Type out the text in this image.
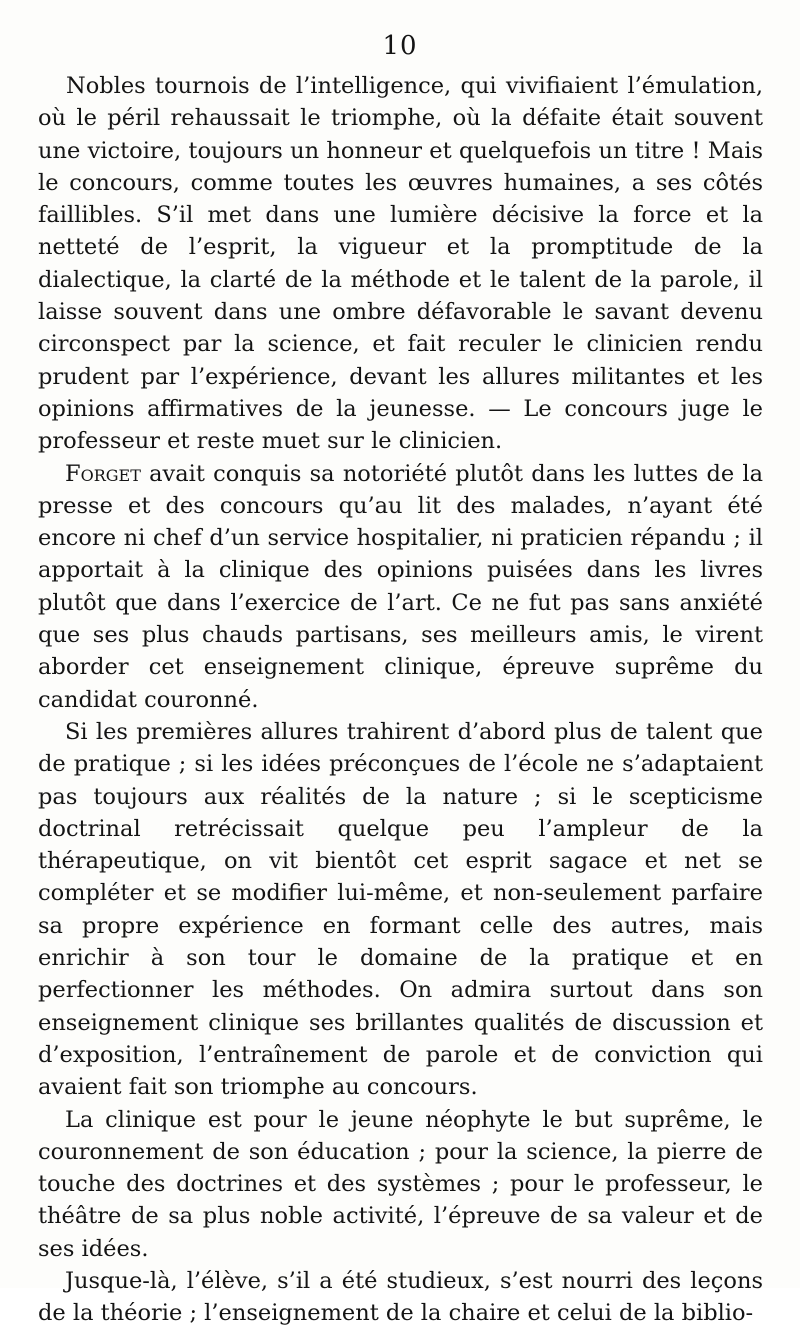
10

Nobles tournois de l’intelligence, qui vivifiaient l’émulation, où le péril rehaussait le triomphe, où la défaite était souvent une victoire, toujours un honneur et quelquefois un titre ! Mais le concours, comme toutes les œuvres humaines, a ses côtés faillibles. S’il met dans une lumière décisive la force et la netteté de l’esprit, la vigueur et la promptitude de la dialectique, la clarté de la méthode et le talent de la parole, il laisse souvent dans une ombre défavorable le savant devenu circonspect par la science, et fait reculer le clinicien rendu prudent par l’expérience, devant les allures militantes et les opinions affirmatives de la jeunesse. — Le concours juge le professeur et reste muet sur le clinicien.

Forget avait conquis sa notoriété plutôt dans les luttes de la presse et des concours qu’au lit des malades, n’ayant été encore ni chef d’un service hospitalier, ni praticien répandu ; il apportait à la clinique des opinions puisées dans les livres plutôt que dans l’exercice de l’art. Ce ne fut pas sans anxiété que ses plus chauds partisans, ses meilleurs amis, le virent aborder cet enseignement clinique, épreuve suprême du candidat couronné.

Si les premières allures trahirent d’abord plus de talent que de pratique ; si les idées préconçues de l’école ne s’adaptaient pas toujours aux réalités de la nature ; si le scepticisme doctrinal retrécissait quelque peu l’ampleur de la thérapeutique, on vit bientôt cet esprit sagace et net se compléter et se modifier lui-même, et non-seulement parfaire sa propre expérience en formant celle des autres, mais enrichir à son tour le domaine de la pratique et en perfectionner les méthodes. On admira surtout dans son enseignement clinique ses brillantes qualités de discussion et d’exposition, l’entraînement de parole et de conviction qui avaient fait son triomphe au concours.

La clinique est pour le jeune néophyte le but suprême, le couronnement de son éducation ; pour la science, la pierre de touche des doctrines et des systèmes ; pour le professeur, le théâtre de sa plus noble activité, l’épreuve de sa valeur et de ses idées.

Jusque-là, l’élève, s’il a été studieux, s’est nourri des leçons de la théorie ; l’enseignement de la chaire et celui de la biblio-
